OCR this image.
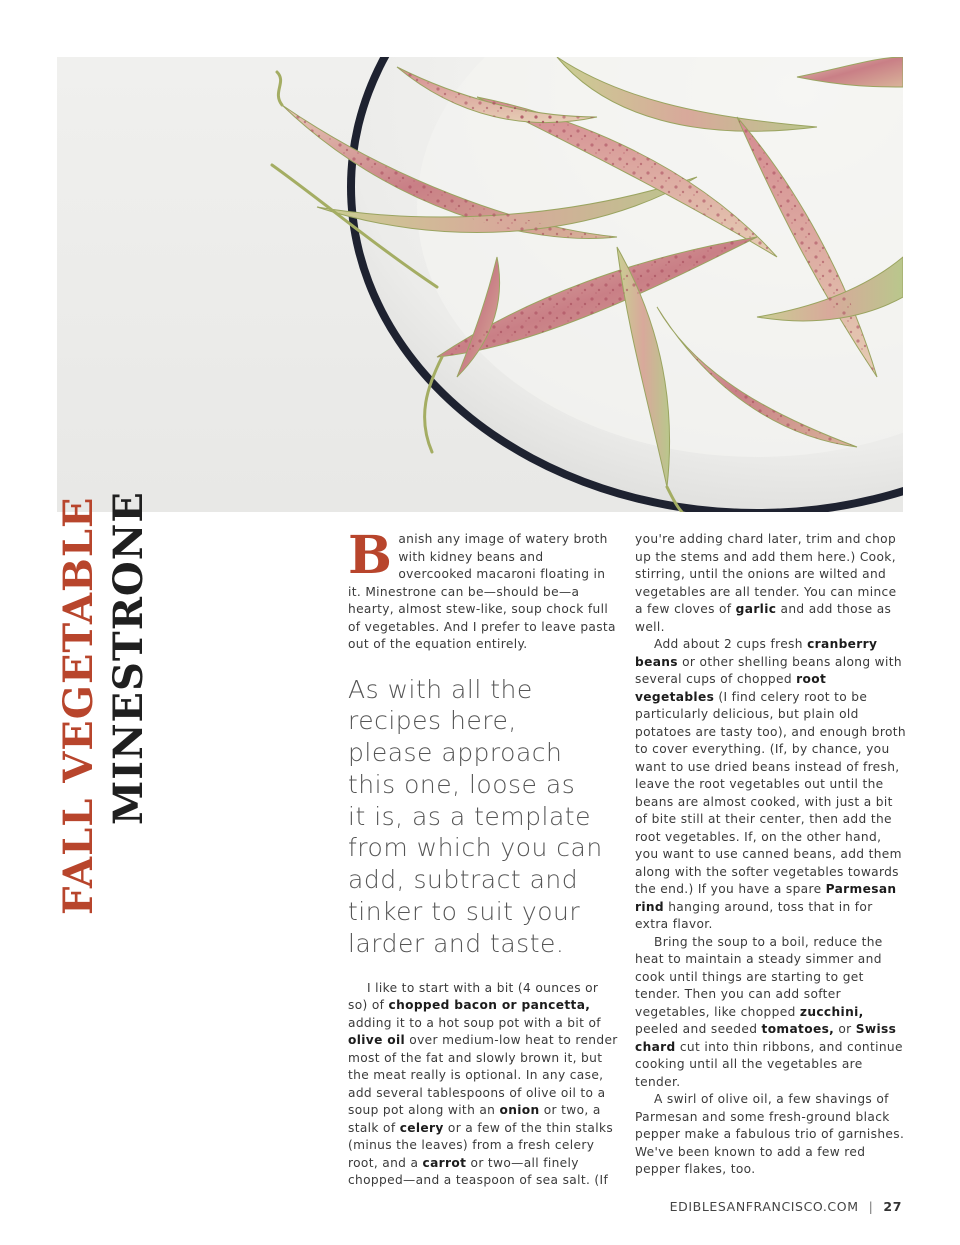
FALL VEGETABLE MINESTRONE	Banish any image of watery broth with kidney beans and overcooked macaroni floating in it. Minestrone can be—should be—a hearty, almost stew-like, soup chock full of vegetables. And I prefer to leave pasta out of the equation entirely.

As with all the
recipes here,
please approach
this one, loose as
it is, as a template
from which you can
add, subtract and
tinker to suit your
larder and taste.

I like to start with a bit (4 ounces or so) of chopped bacon or pancetta, adding it to a hot soup pot with a bit of olive oil over medium-low heat to render most of the fat and slowly brown it, but the meat really is optional. In any case, add several tablespoons of olive oil to a soup pot along with an onion or two, a stalk of celery or a few of the thin stalks (minus the leaves) from a fresh celery root, and a carrot or two—all finely chopped—and a teaspoon of sea salt. (If

you're adding chard later, trim and chop up the stems and add them here.) Cook, stirring, until the onions are wilted and vegetables are all tender. You can mince a few cloves of garlic and add those as well.

Add about 2 cups fresh cranberry beans or other shelling beans along with several cups of chopped root vegetables (I find celery root to be particularly delicious, but plain old potatoes are tasty too), and enough broth to cover everything. (If, by chance, you want to use dried beans instead of fresh, leave the root vegetables out until the beans are almost cooked, with just a bit of bite still at their center, then add the root vegetables. If, on the other hand, you want to use canned beans, add them along with the softer vegetables towards the end.) If you have a spare Parmesan rind hanging around, toss that in for extra flavor.

Bring the soup to a boil, reduce the heat to maintain a steady simmer and cook until things are starting to get tender. Then you can add softer vegetables, like chopped zucchini, peeled and seeded tomatoes, or Swiss chard cut into thin ribbons, and continue cooking until all the vegetables are tender.

A swirl of olive oil, a few shavings of Parmesan and some fresh-ground black pepper make a fabulous trio of garnishes. We've been known to add a few red pepper flakes, too.

EDIBLESANFRANCISCO.COM | 27
